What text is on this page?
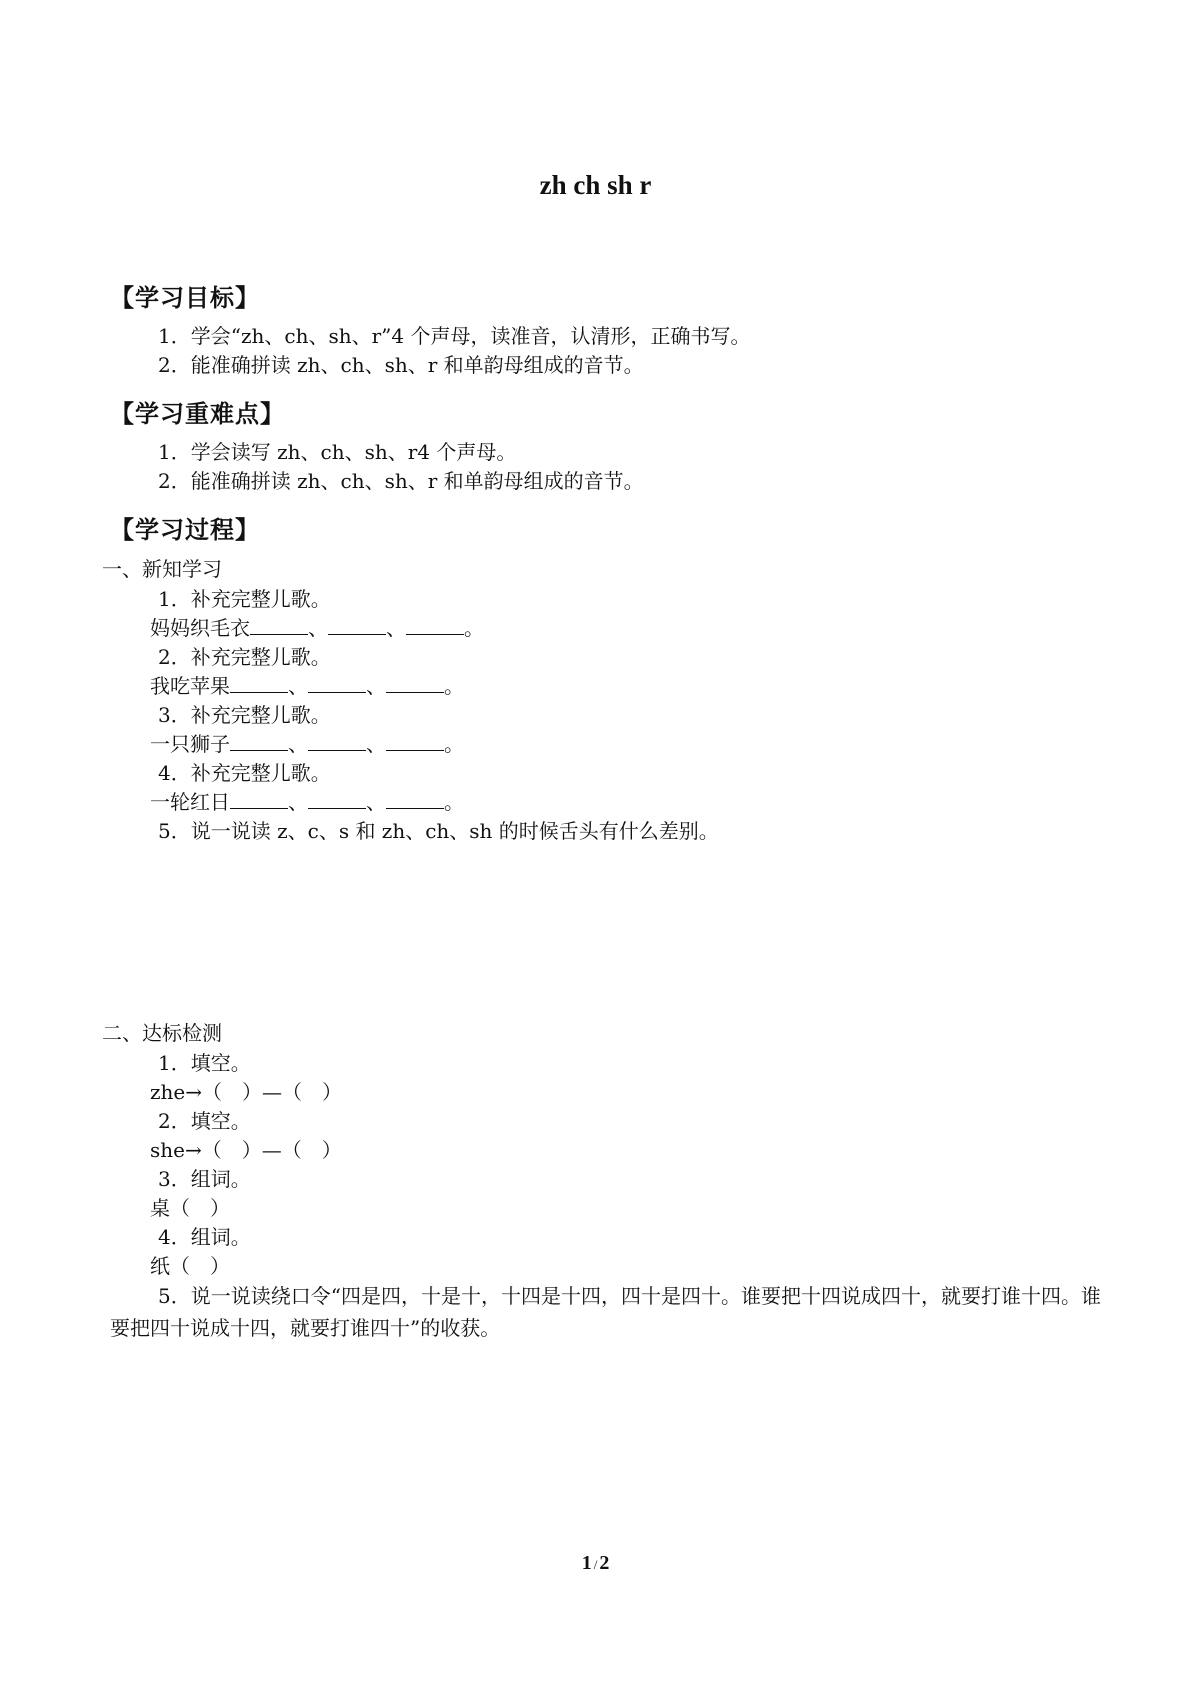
zh ch sh r
【学习目标】
1．学会“zh、ch、sh、r”4 个声母，读准音，认清形，正确书写。
2．能准确拼读 zh、ch、sh、r 和单韵母组成的音节。
【学习重难点】
1．学会读写 zh、ch、sh、r4 个声母。
2．能准确拼读 zh、ch、sh、r 和单韵母组成的音节。
【学习过程】
一、新知学习
1．补充完整儿歌。
妈妈织毛衣	、	、	。
2．补充完整儿歌。
我吃苹果	、	、	。
3．补充完整儿歌。
一只狮子	、	、	。
4．补充完整儿歌。
一轮红日	、	、	。
5．说一说读 z、c、s 和 zh、ch、sh 的时候舌头有什么差别。
二、达标检测
1．填空。
zhe→（　）—（　）
2．填空。
she→（　）—（　）
3．组词。
桌（　）
4．组词。
纸（　）
5．说一说读绕口令“四是四，十是十，十四是十四，四十是四十。谁要把十四说成四十，就要打谁十四。谁要把四十说成十四，就要打谁四十”的收获。
1 / 2
